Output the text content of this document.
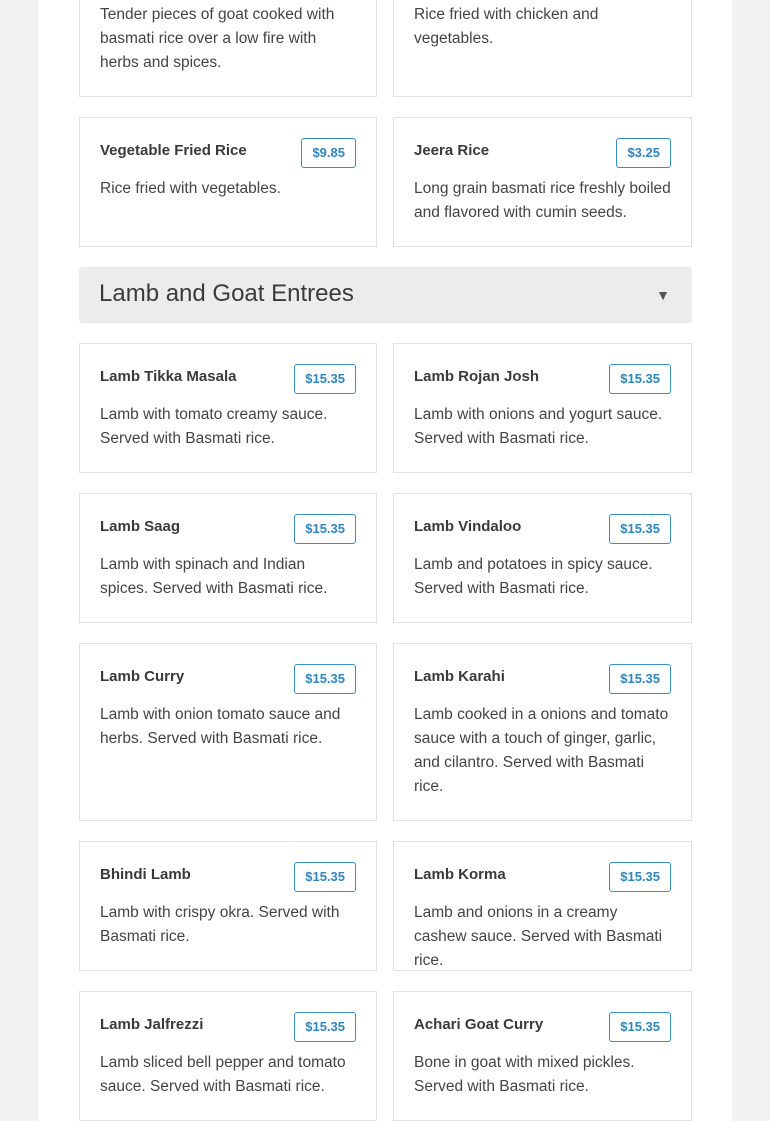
Tender pieces of goat cooked with basmati rice over a low fire with herbs and spices.
Rice fried with chicken and vegetables.
Vegetable Fried Rice	$9.85
Rice fried with vegetables.
Jeera Rice	$3.25
Long grain basmati rice freshly boiled and flavored with cumin seeds.
Lamb and Goat Entrees	▼
Lamb Tikka Masala	$15.35
Lamb with tomato creamy sauce. Served with Basmati rice.
Lamb Rojan Josh	$15.35
Lamb with onions and yogurt sauce. Served with Basmati rice.
Lamb Saag	$15.35
Lamb with spinach and Indian spices. Served with Basmati rice.
Lamb Vindaloo	$15.35
Lamb and potatoes in spicy sauce. Served with Basmati rice.
Lamb Curry	$15.35
Lamb with onion tomato sauce and herbs. Served with Basmati rice.
Lamb Karahi	$15.35
Lamb cooked in a onions and tomato sauce with a touch of ginger, garlic, and cilantro. Served with Basmati rice.
Bhindi Lamb	$15.35
Lamb with crispy okra. Served with Basmati rice.
Lamb Korma	$15.35
Lamb and onions in a creamy cashew sauce. Served with Basmati rice.
Lamb Jalfrezzi	$15.35
Lamb sliced bell pepper and tomato sauce. Served with Basmati rice.
Achari Goat Curry	$15.35
Bone in goat with mixed pickles. Served with Basmati rice.
